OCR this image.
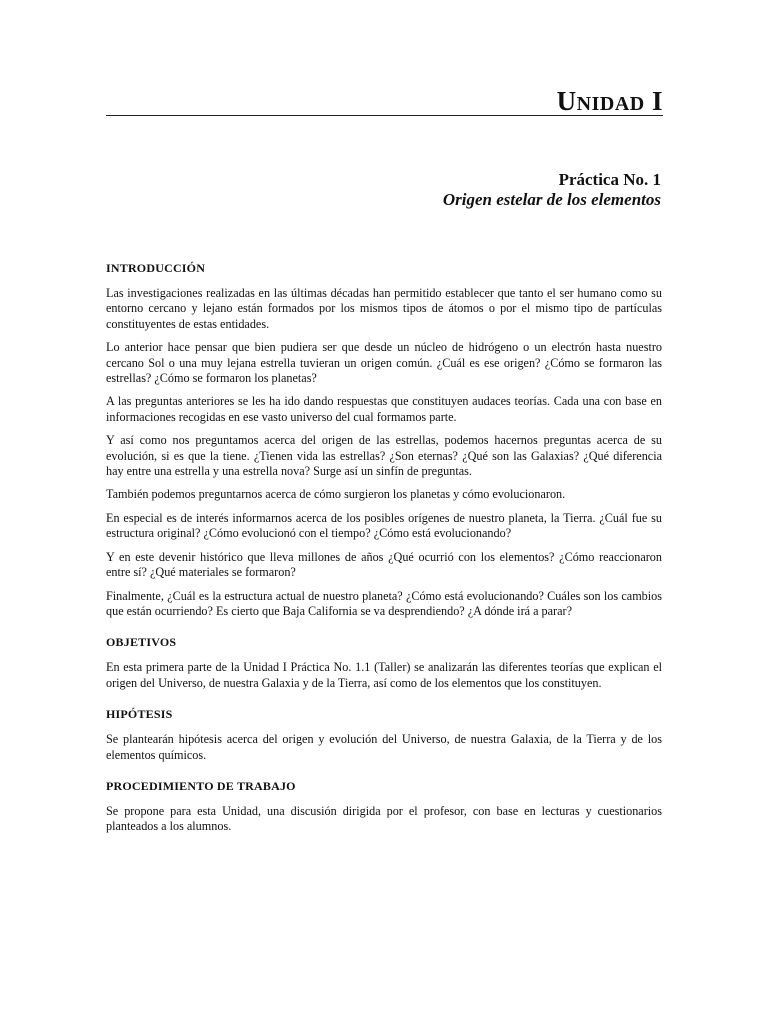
UNIDAD I
Práctica No. 1
Origen estelar de los elementos
INTRODUCCIÓN

Las investigaciones realizadas en las últimas décadas han permitido establecer que tanto el ser humano como su entorno cercano y lejano están formados por los mismos tipos de átomos o por el mismo tipo de partículas constituyentes de estas entidades.

Lo anterior hace pensar que bien pudiera ser que desde un núcleo de hidrógeno o un electrón hasta nuestro cercano Sol o una muy lejana estrella tuvieran un origen común. ¿Cuál es ese origen? ¿Cómo se formaron las estrellas? ¿Cómo se formaron los planetas?

A las preguntas anteriores se les ha ido dando respuestas que constituyen audaces teorías. Cada una con base en informaciones recogidas en ese vasto universo del cual formamos parte.

Y así como nos preguntamos acerca del origen de las estrellas, podemos hacernos preguntas acerca de su evolución, si es que la tiene. ¿Tienen vida las estrellas? ¿Son eternas? ¿Qué son las Galaxias? ¿Qué diferencia hay entre una estrella y una estrella nova? Surge así un sinfín de preguntas.

También podemos preguntarnos acerca de cómo surgieron los planetas y cómo evolucionaron.

En especial es de interés informarnos acerca de los posibles orígenes de nuestro planeta, la Tierra. ¿Cuál fue su estructura original? ¿Cómo evolucionó con el tiempo? ¿Cómo está evolucionando?

Y en este devenir histórico que lleva millones de años ¿Qué ocurrió con los elementos? ¿Cómo reaccionaron entre sí? ¿Qué materiales se formaron?

Finalmente, ¿Cuál es la estructura actual de nuestro planeta? ¿Cómo está evolucionando? Cuáles son los cambios que están ocurriendo? Es cierto que Baja California se va desprendiendo? ¿A dónde irá a parar?

OBJETIVOS

En esta primera parte de la Unidad I Práctica No. 1.1 (Taller) se analizarán las diferentes teorías que explican el origen del Universo, de nuestra Galaxia y de la Tierra, así como de los elementos que los constituyen.

HIPÓTESIS

Se plantearán hipótesis acerca del origen y evolución del Universo, de nuestra Galaxia, de la Tierra y de los elementos químicos.

PROCEDIMIENTO DE TRABAJO

Se propone para esta Unidad, una discusión dirigida por el profesor, con base en lecturas y cuestionarios planteados a los alumnos.
